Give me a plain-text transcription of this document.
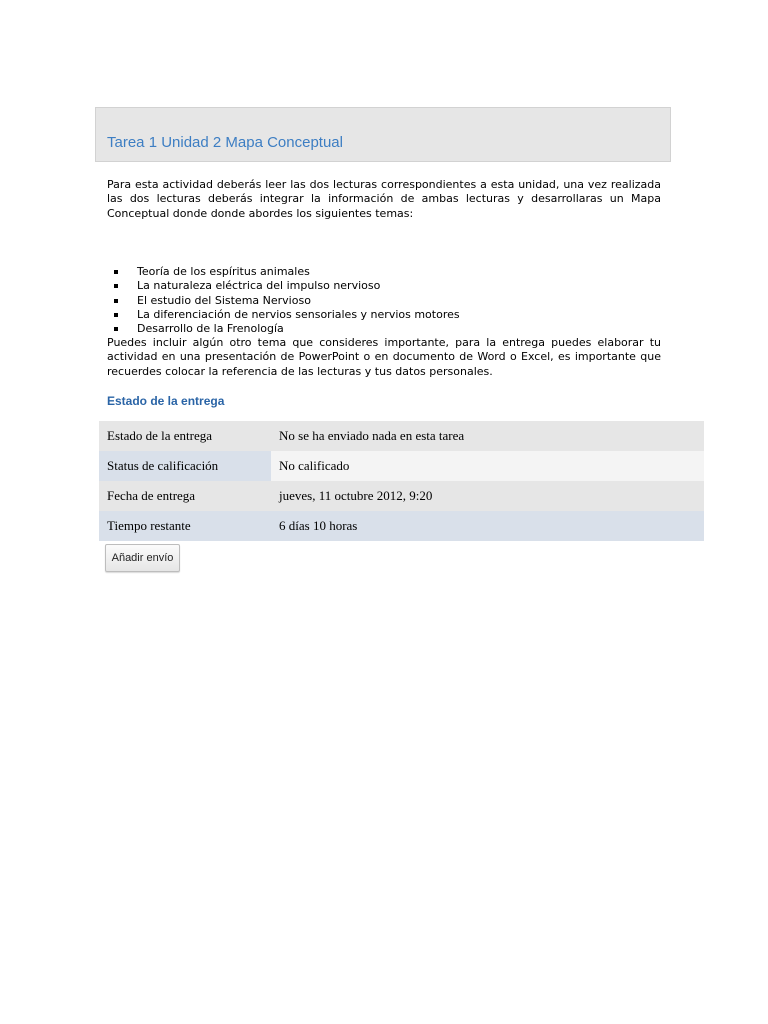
Tarea 1 Unidad 2 Mapa Conceptual

Para esta actividad deberás leer las dos lecturas correspondientes a esta unidad, una vez realizada las dos lecturas deberás integrar la información de ambas lecturas y desarrollaras un Mapa Conceptual donde donde abordes los siguientes temas:

Teoría de los espíritus animales
La naturaleza eléctrica del impulso nervioso
El estudio del Sistema Nervioso
La diferenciación de nervios sensoriales y nervios motores
Desarrollo de la Frenología

Puedes incluir algún otro tema que consideres importante, para la entrega puedes elaborar tu actividad en una presentación de PowerPoint o en documento de Word o Excel, es importante que recuerdes colocar la referencia de las lecturas y tus datos personales.

Estado de la entrega
Estado de la entrega	No se ha enviado nada en esta tarea
Status de calificación	No calificado
Fecha de entrega	jueves, 11 octubre 2012, 9:20
Tiempo restante	6 días 10 horas
Añadir envío
